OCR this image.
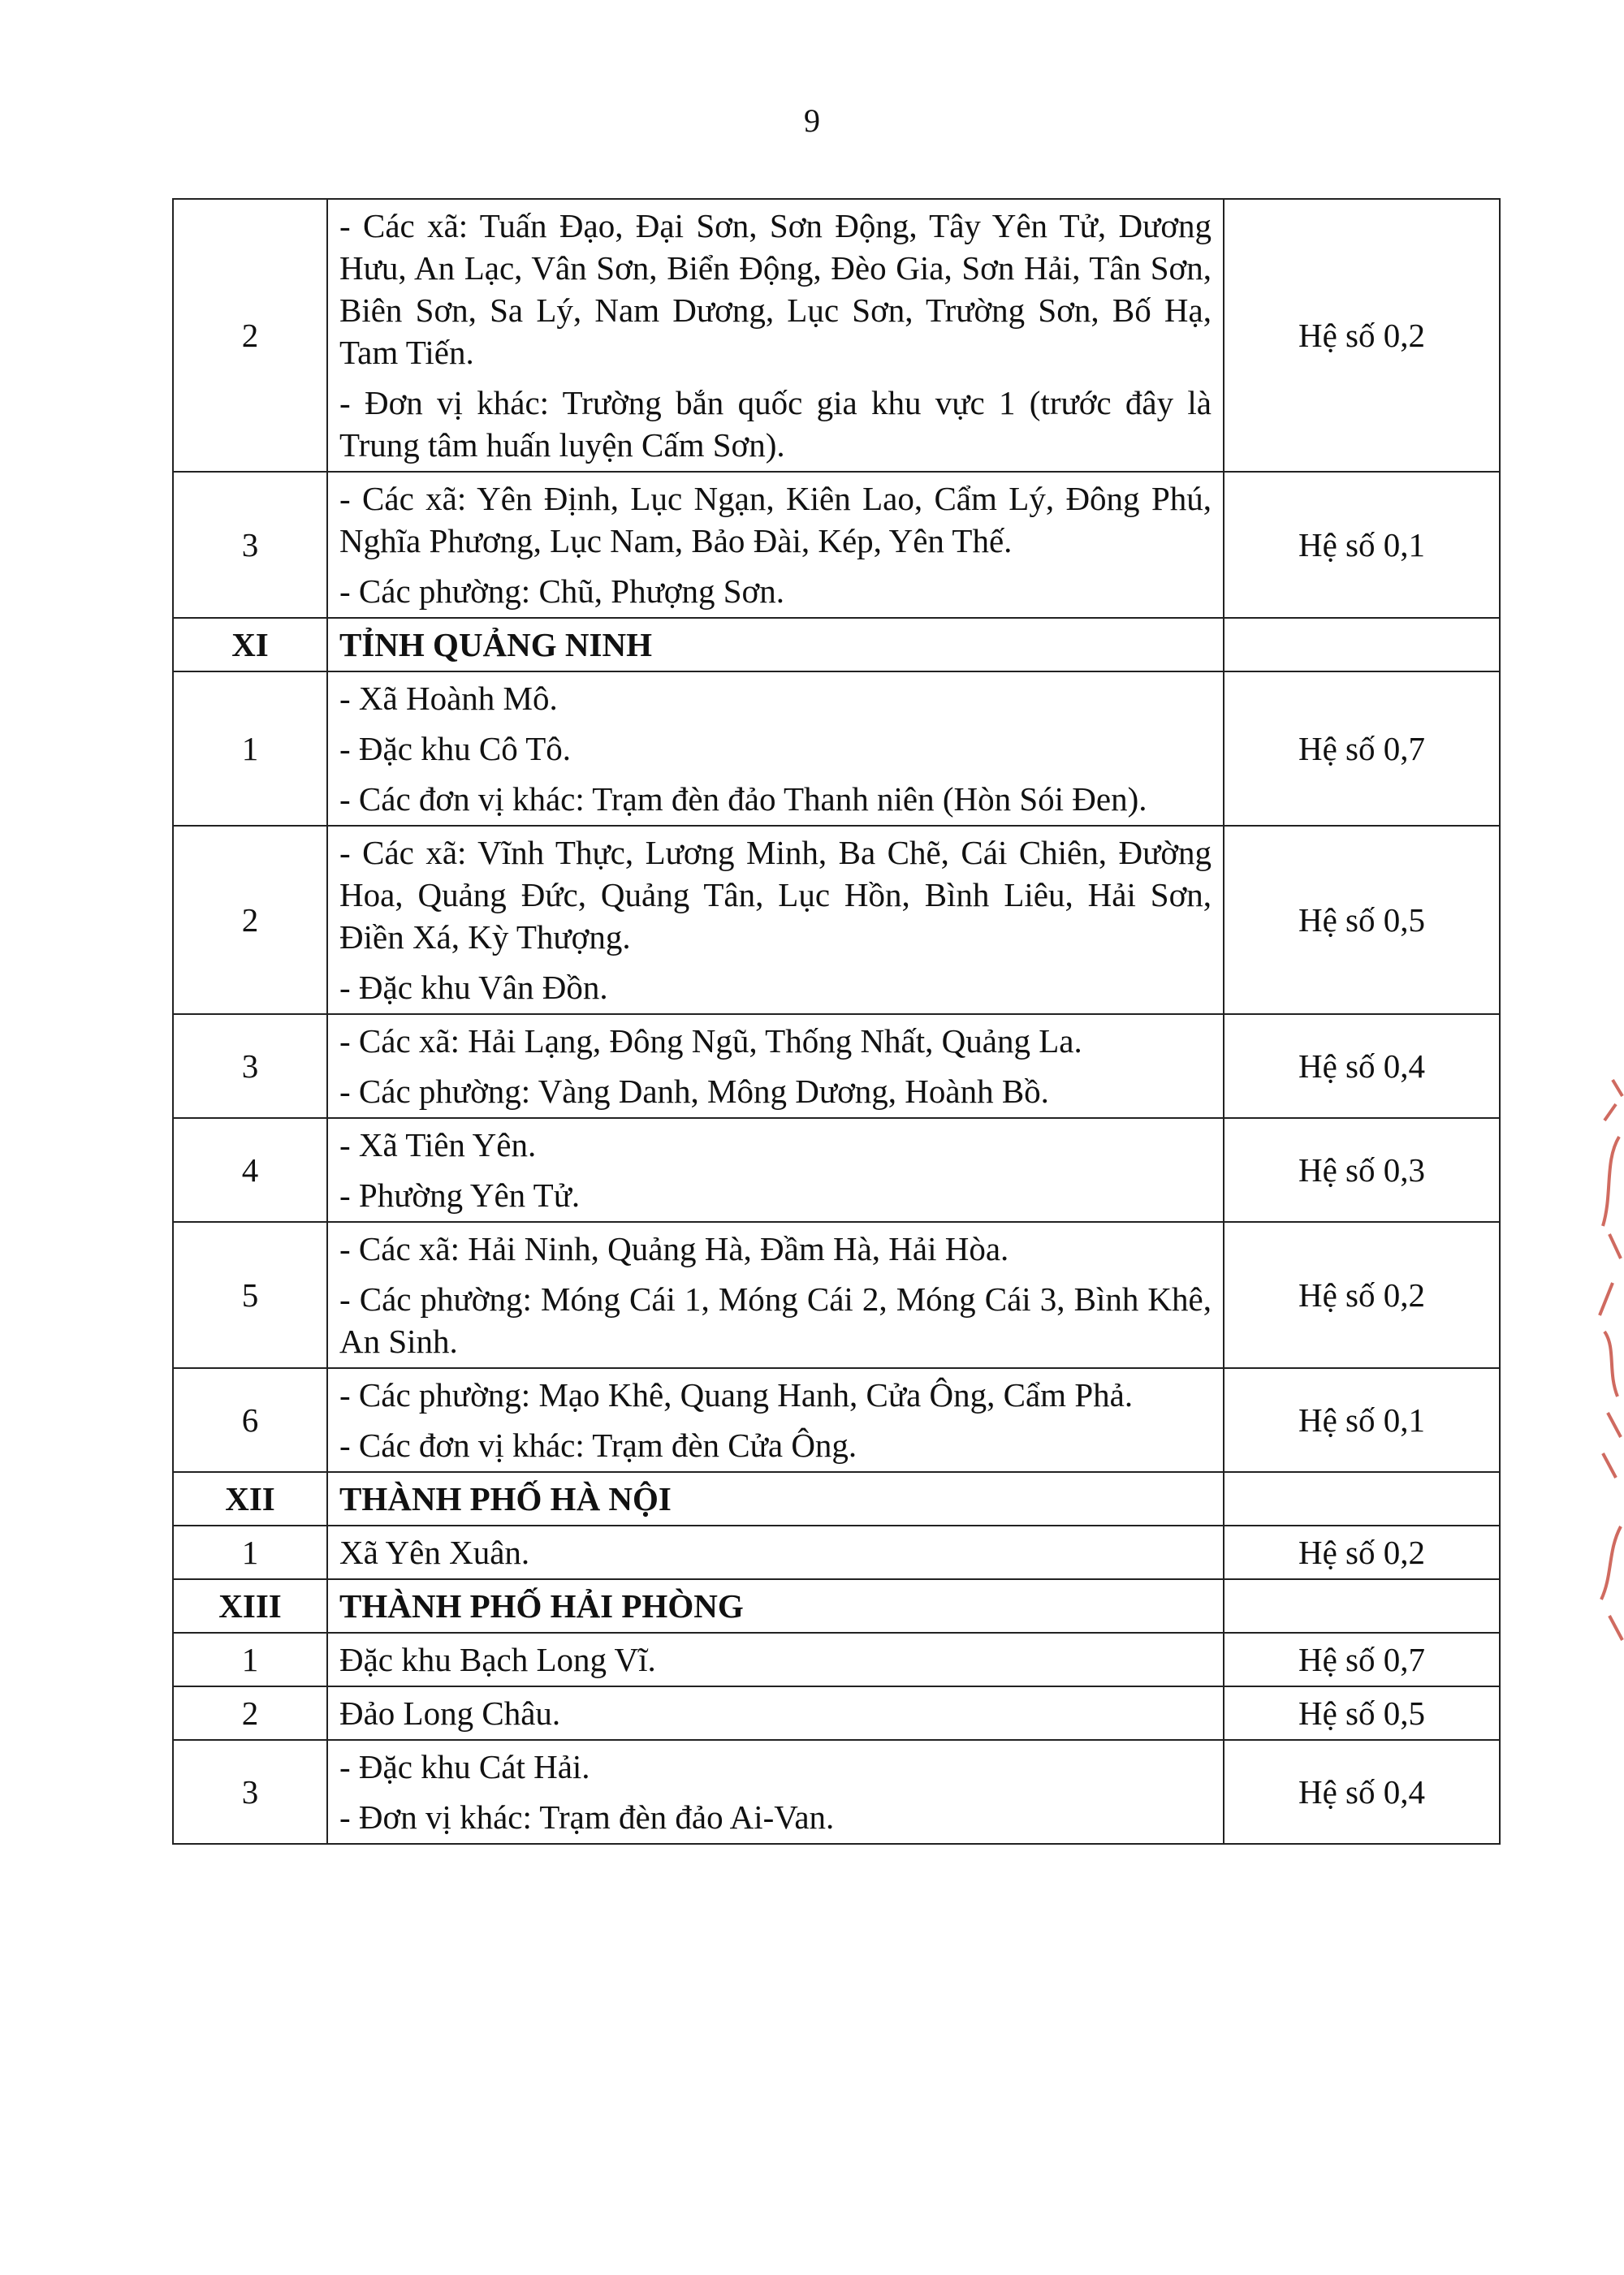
9
2	- Các xã: Tuấn Đạo, Đại Sơn, Sơn Động, Tây Yên Tử, Dương Hưu, An Lạc, Vân Sơn, Biển Động, Đèo Gia, Sơn Hải, Tân Sơn, Biên Sơn, Sa Lý, Nam Dương, Lục Sơn, Trường Sơn, Bố Hạ, Tam Tiến.

- Đơn vị khác: Trường bắn quốc gia khu vực 1 (trước đây là Trung tâm huấn luyện Cấm Sơn).	Hệ số 0,2
3	- Các xã: Yên Định, Lục Ngạn, Kiên Lao, Cẩm Lý, Đông Phú, Nghĩa Phương, Lục Nam, Bảo Đài, Kép, Yên Thế.

- Các phường: Chũ, Phượng Sơn.	Hệ số 0,1
XI	TỈNH QUẢNG NINH	
1	- Xã Hoành Mô.

- Đặc khu Cô Tô.

- Các đơn vị khác: Trạm đèn đảo Thanh niên (Hòn Sói Đen).	Hệ số 0,7
2	- Các xã: Vĩnh Thực, Lương Minh, Ba Chẽ, Cái Chiên, Đường Hoa, Quảng Đức, Quảng Tân, Lục Hồn, Bình Liêu, Hải Sơn, Điền Xá, Kỳ Thượng.

- Đặc khu Vân Đồn.	Hệ số 0,5
3	- Các xã: Hải Lạng, Đông Ngũ, Thống Nhất, Quảng La.

- Các phường: Vàng Danh, Mông Dương, Hoành Bồ.	Hệ số 0,4
4	- Xã Tiên Yên.

- Phường Yên Tử.	Hệ số 0,3
5	- Các xã: Hải Ninh, Quảng Hà, Đầm Hà, Hải Hòa.

- Các phường: Móng Cái 1, Móng Cái 2, Móng Cái 3, Bình Khê, An Sinh.	Hệ số 0,2
6	- Các phường: Mạo Khê, Quang Hanh, Cửa Ông, Cẩm Phả.

- Các đơn vị khác: Trạm đèn Cửa Ông.	Hệ số 0,1
XII	THÀNH PHỐ HÀ NỘI	
1	Xã Yên Xuân.	Hệ số 0,2
XIII	THÀNH PHỐ HẢI PHÒNG	
1	Đặc khu Bạch Long Vĩ.	Hệ số 0,7
2	Đảo Long Châu.	Hệ số 0,5
3	- Đặc khu Cát Hải.

- Đơn vị khác: Trạm đèn đảo Ai-Van.	Hệ số 0,4
